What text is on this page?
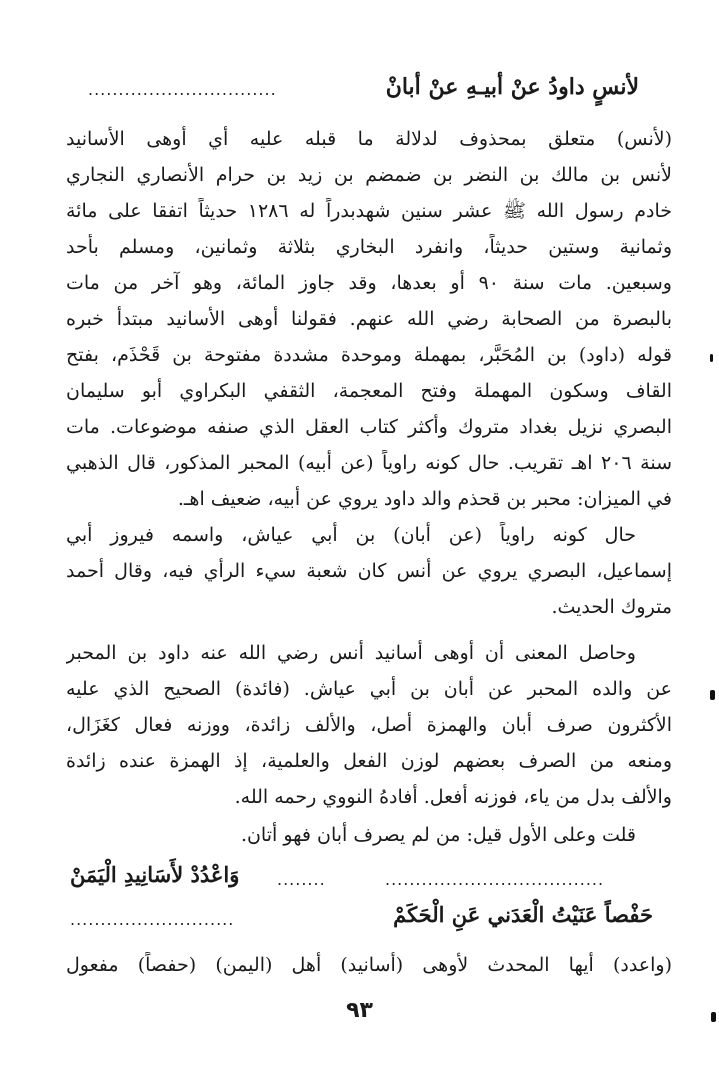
لأنسٍ داودُ عنْ أبيـهِ عنْ أبانْ
...............................
(لأنس) متعلق بمحذوف لدلالة ما قبله عليه أي أوهى الأسانيد
لأنس بن مالك بن النضر بن ضمضم بن زيد بن حرام الأنصاري النجاري
خادم رسول الله ﷺ عشر سنين شهدبدراً له ١٢٨٦ حديثاً اتفقا على مائة
وثمانية وستين حديثاً، وانفرد البخاري بثلاثة وثمانين، ومسلم بأحد
وسبعين. مات سنة ٩٠ أو بعدها، وقد جاوز المائة، وهو آخر من مات
بالبصرة من الصحابة رضي الله عنهم. فقولنا أوهى الأسانيد مبتدأ خبره
قوله (داود) بن المُحَبَّر، بمهملة وموحدة مشددة مفتوحة بن قَحْذَم، بفتح
القاف وسكون المهملة وفتح المعجمة، الثقفي البكراوي أبو سليمان
البصري نزيل بغداد متروك وأكثر كتاب العقل الذي صنفه موضوعات. مات
سنة ٢٠٦ اهـ تقريب. حال كونه راوياً (عن أبيه) المحبر المذكور، قال الذهبي
في الميزان: محبر بن قحذم والد داود يروي عن أبيه، ضعيف اهـ.
حال كونه راوياً (عن أبان) بن أبي عياش، واسمه فيروز أبي
إسماعيل، البصري يروي عن أنس كان شعبة سيء الرأي فيه، وقال أحمد
متروك الحديث.
وحاصل المعنى أن أوهى أسانيد أنس رضي الله عنه داود بن المحبر
عن والده المحبر عن أبان بن أبي عياش. (فائدة) الصحيح الذي عليه
الأكثرون صرف أبان والهمزة أصل، والألف زائدة، ووزنه فعال كغَزَال،
ومنعه من الصرف بعضهم لوزن الفعل والعلمية، إذ الهمزة عنده زائدة
والألف بدل من ياء، فوزنه أفعل. أفادهُ النووي رحمه الله.
قلت وعلى الأول قيل: من لم يصرف أبان فهو أتان.
....................................
........
وَاعْدُدْ لأَسَانِيدِ الْيَمَنْ
حَفْصاً عَنَيْتُ الْعَدَني عَنِ الْحَكَمْ
...........................
(واعدد) أيها المحدث لأوهى (أسانيد) أهل (اليمن) (حفصاً) مفعول
٩٣
